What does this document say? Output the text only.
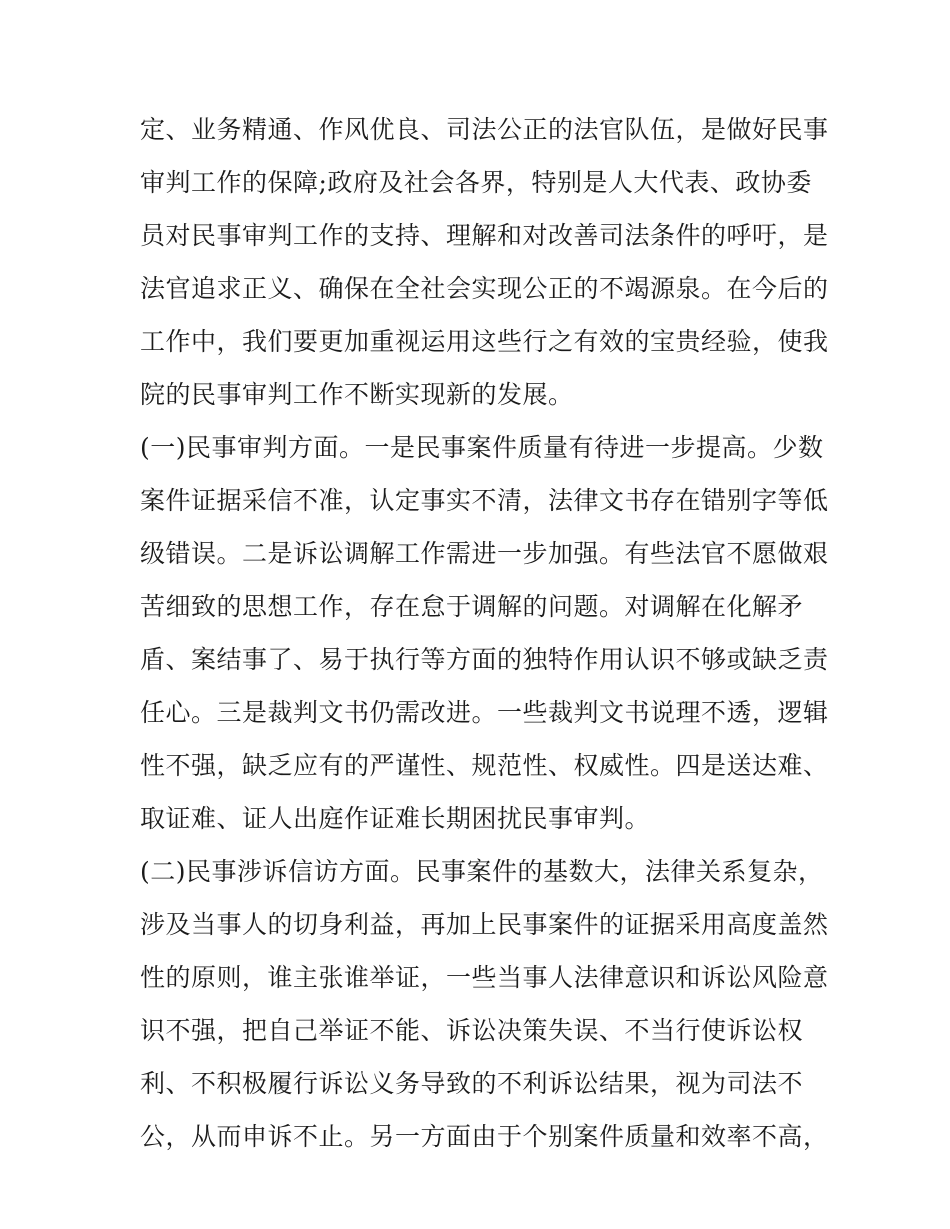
定、业务精通、作风优良、司法公正的法官队伍，是做好民事
审判工作的保障;政府及社会各界，特别是人大代表、政协委
员对民事审判工作的支持、理解和对改善司法条件的呼吁，是
法官追求正义、确保在全社会实现公正的不竭源泉。在今后的
工作中，我们要更加重视运用这些行之有效的宝贵经验，使我
院的民事审判工作不断实现新的发展。
(一)民事审判方面。一是民事案件质量有待进一步提高。少数
案件证据采信不准，认定事实不清，法律文书存在错别字等低
级错误。二是诉讼调解工作需进一步加强。有些法官不愿做艰
苦细致的思想工作，存在怠于调解的问题。对调解在化解矛
盾、案结事了、易于执行等方面的独特作用认识不够或缺乏责
任心。三是裁判文书仍需改进。一些裁判文书说理不透，逻辑
性不强，缺乏应有的严谨性、规范性、权威性。四是送达难、
取证难、证人出庭作证难长期困扰民事审判。
(二)民事涉诉信访方面。民事案件的基数大，法律关系复杂，
涉及当事人的切身利益，再加上民事案件的证据采用高度盖然
性的原则，谁主张谁举证，一些当事人法律意识和诉讼风险意
识不强，把自己举证不能、诉讼决策失误、不当行使诉讼权
利、不积极履行诉讼义务导致的不利诉讼结果，视为司法不
公，从而申诉不止。另一方面由于个别案件质量和效率不高，
